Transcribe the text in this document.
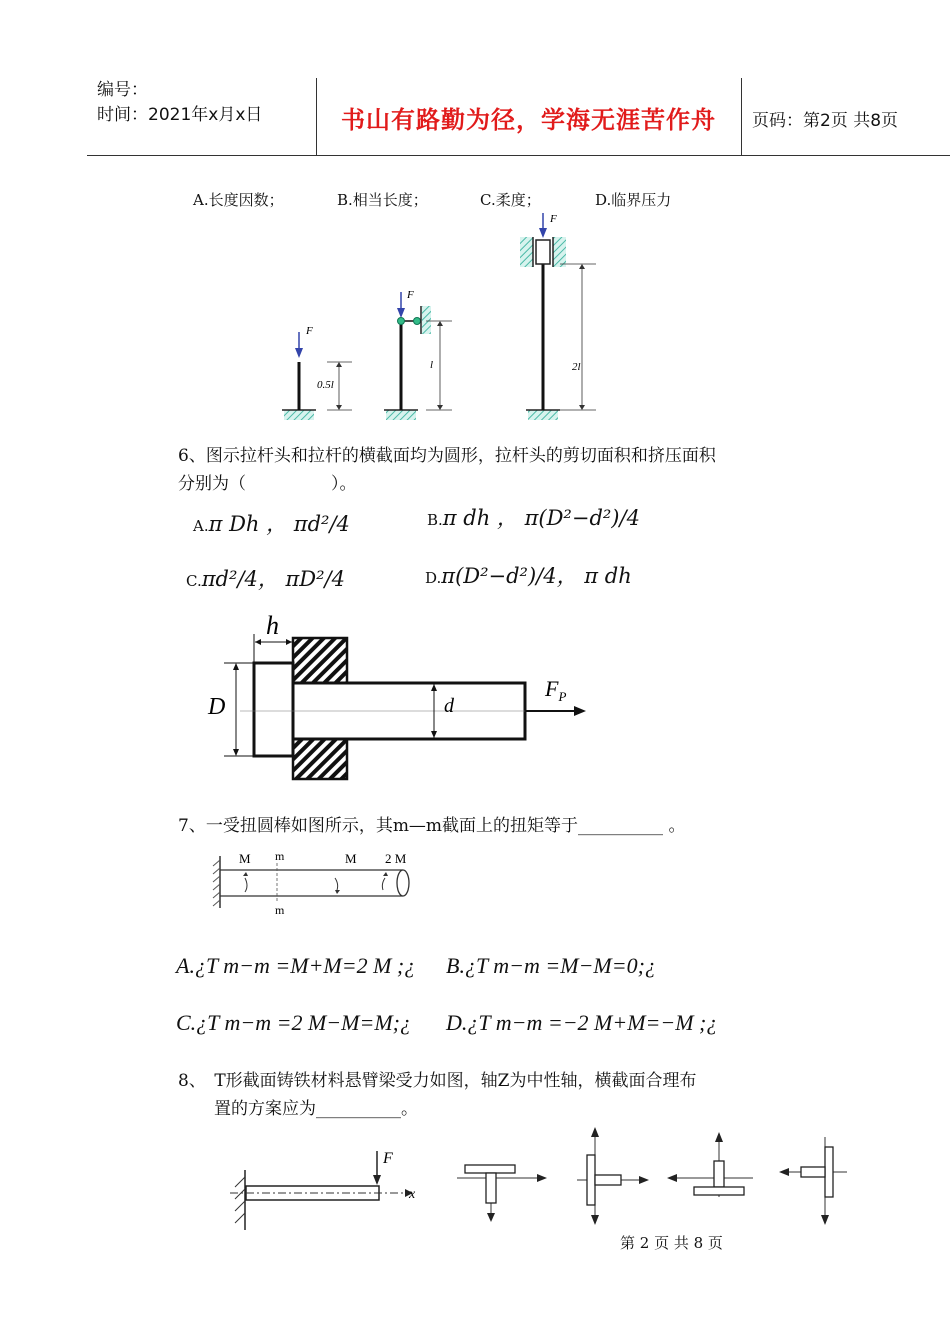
编号：
时间：2021年x月x日	书山有路勤为径，学海无涯苦作舟	页码：第2页 共8页
A.长度因数；	B.相当长度；	C.柔度；	D.临界压力
F
0.5l
F
l
F
2l
6、图示拉杆头和拉杆的横截面均为圆形，拉杆头的剪切面积和挤压面积
分别为（　　　　　）。
A.π Dh ， πd²/4	B.π dh ， π(D²−d²)/4
C.πd²/4， πD²/4	D.π(D²−d²)/4， π dh
h
D	d
$F_P$
7、一受扭圆棒如图所示，其m—m截面上的扭矩等于__________ 。
M m	M 2 M
m
A.¿T m−m =M+M=2 M ;¿ B.¿T m−m =M−M=0;¿
C.¿T m−m =2 M−M=M;¿ D.¿T m−m =−2 M+M=−M ;¿
8、　T形截面铸铁材料悬臂梁受力如图，轴Z为中性轴，横截面合理布
置的方案应为__________。
x
F
第 2 页 共 8 页
